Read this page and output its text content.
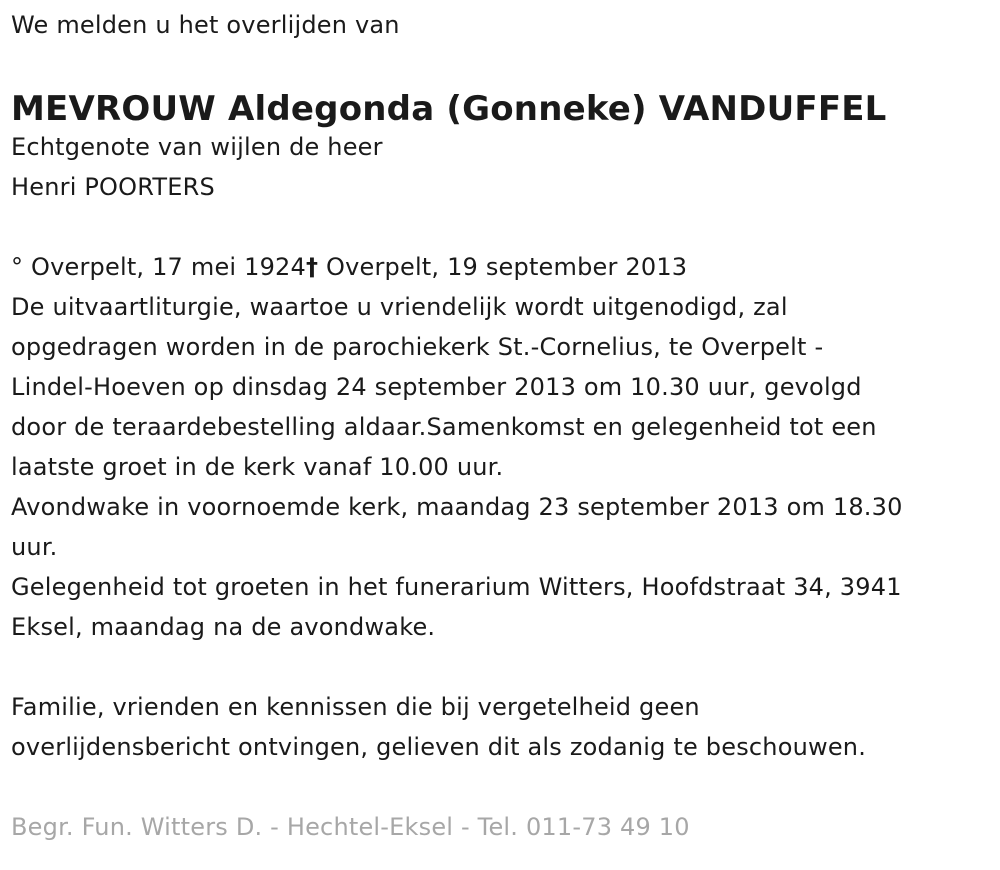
We melden u het overlijden van
MEVROUW Aldegonda (Gonneke) VANDUFFEL
Echtgenote van wijlen de heer
Henri POORTERS
° Overpelt, 17 mei 1924† Overpelt, 19 september 2013
De uitvaartliturgie, waartoe u vriendelijk wordt uitgenodigd, zal
opgedragen worden in de parochiekerk St.-Cornelius, te Overpelt -
Lindel-Hoeven op dinsdag 24 september 2013 om 10.30 uur, gevolgd
door de teraardebestelling aldaar.Samenkomst en gelegenheid tot een
laatste groet in de kerk vanaf 10.00 uur.
Avondwake in voornoemde kerk, maandag 23 september 2013 om 18.30
uur.
Gelegenheid tot groeten in het funerarium Witters, Hoofdstraat 34, 3941
Eksel, maandag na de avondwake.
Familie, vrienden en kennissen die bij vergetelheid geen
overlijdensbericht ontvingen, gelieven dit als zodanig te beschouwen.
Begr. Fun. Witters D. - Hechtel-Eksel - Tel. 011-73 49 10
